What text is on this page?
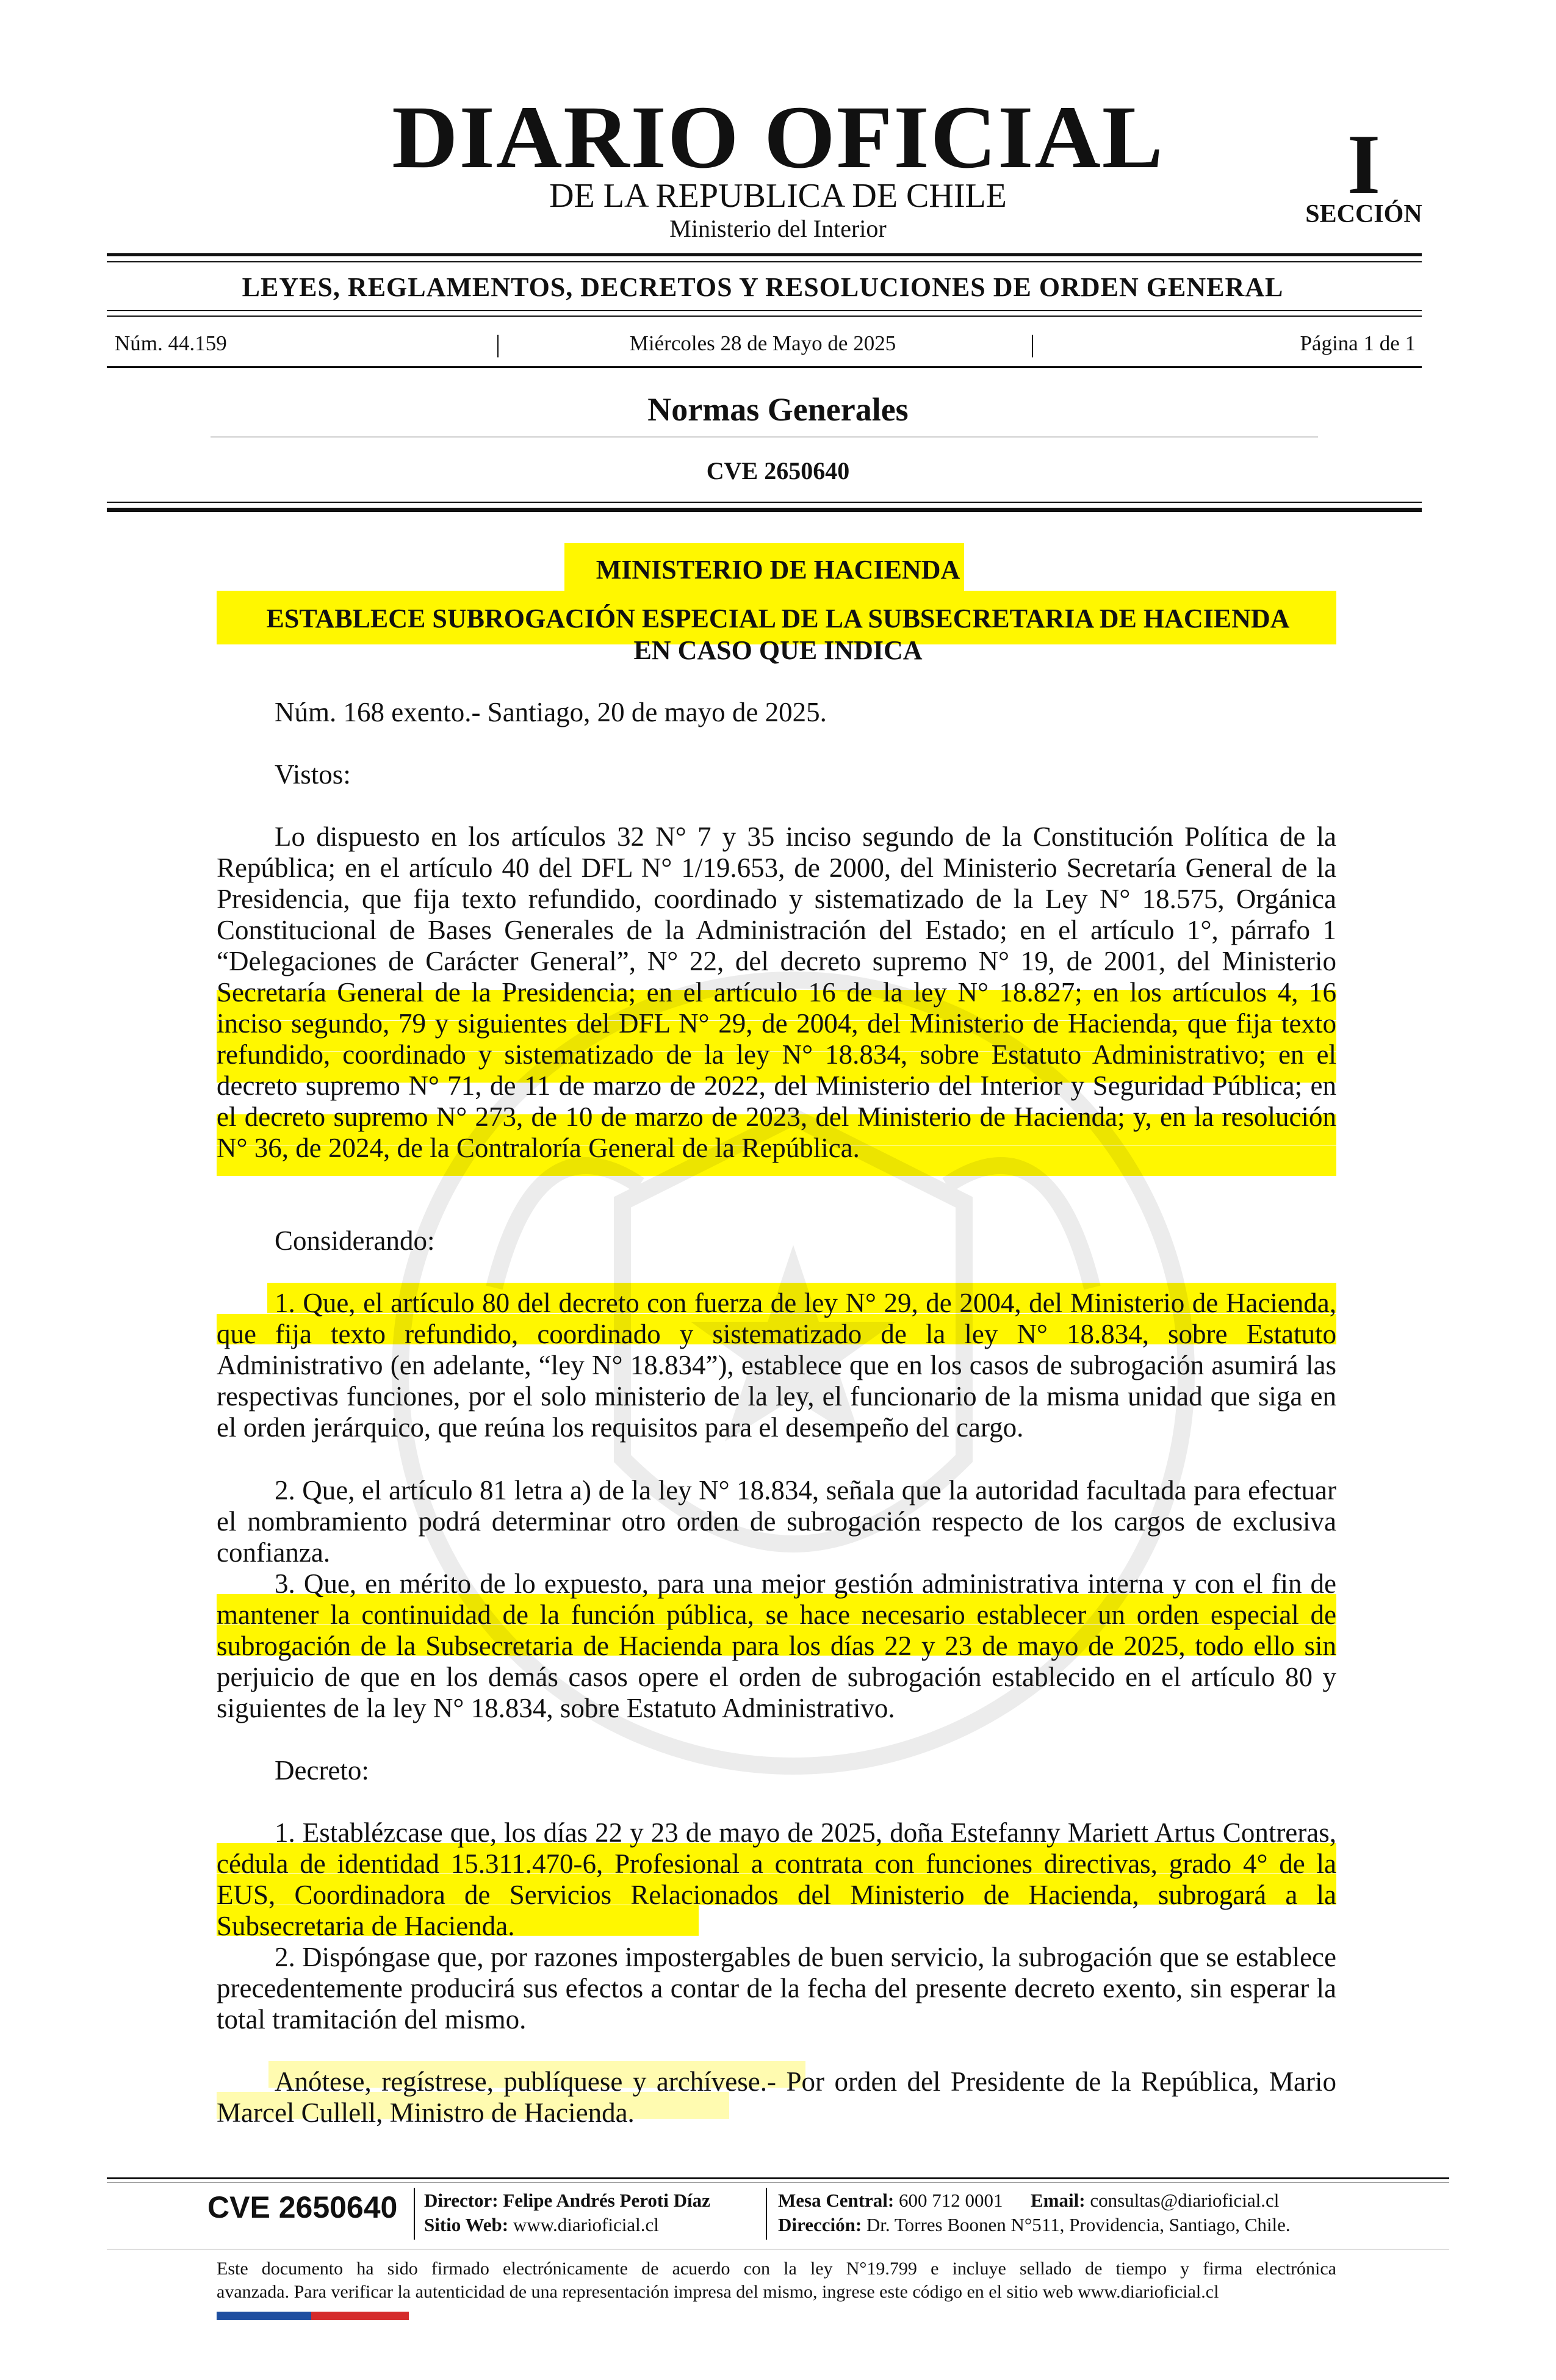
DIARIO OFICIAL
DE LA REPUBLICA DE CHILE
Ministerio del Interior
I
SECCIÓN
LEYES, REGLAMENTOS, DECRETOS Y RESOLUCIONES DE ORDEN GENERAL
Núm. 44.159	|	Miércoles 28 de Mayo de 2025	|	Página 1 de 1
Normas Generales
CVE 2650640
MINISTERIO DE HACIENDA
ESTABLECE SUBROGACIÓN ESPECIAL DE LA SUBSECRETARIA DE HACIENDA
EN CASO QUE INDICA
Núm. 168 exento.- Santiago, 20 de mayo de 2025.
Vistos:
Lo dispuesto en los artículos 32 N° 7 y 35 inciso segundo de la Constitución Política de la República; en el artículo 40 del DFL N° 1/19.653, de 2000, del Ministerio Secretaría General de la Presidencia, que fija texto refundido, coordinado y sistematizado de la Ley N° 18.575, Orgánica Constitucional de Bases Generales de la Administración del Estado; en el artículo 1°, párrafo 1 “Delegaciones de Carácter General”, N° 22, del decreto supremo N° 19, de 2001, del Ministerio Secretaría General de la Presidencia; en el artículo 16 de la ley N° 18.827; en los artículos 4, 16 inciso segundo, 79 y siguientes del DFL N° 29, de 2004, del Ministerio de Hacienda, que fija texto refundido, coordinado y sistematizado de la ley N° 18.834, sobre Estatuto Administrativo; en el decreto supremo N° 71, de 11 de marzo de 2022, del Ministerio del Interior y Seguridad Pública; en el decreto supremo N° 273, de 10 de marzo de 2023, del Ministerio de Hacienda; y, en la resolución N° 36, de 2024, de la Contraloría General de la República.
Considerando:
1. Que, el artículo 80 del decreto con fuerza de ley N° 29, de 2004, del Ministerio de Hacienda, que fija texto refundido, coordinado y sistematizado de la ley N° 18.834, sobre Estatuto Administrativo (en adelante, “ley N° 18.834”), establece que en los casos de subrogación asumirá las respectivas funciones, por el solo ministerio de la ley, el funcionario de la misma unidad que siga en el orden jerárquico, que reúna los requisitos para el desempeño del cargo.
2. Que, el artículo 81 letra a) de la ley N° 18.834, señala que la autoridad facultada para efectuar el nombramiento podrá determinar otro orden de subrogación respecto de los cargos de exclusiva confianza.
3. Que, en mérito de lo expuesto, para una mejor gestión administrativa interna y con el fin de mantener la continuidad de la función pública, se hace necesario establecer un orden especial de subrogación de la Subsecretaria de Hacienda para los días 22 y 23 de mayo de 2025, todo ello sin perjuicio de que en los demás casos opere el orden de subrogación establecido en el artículo 80 y siguientes de la ley N° 18.834, sobre Estatuto Administrativo.
Decreto:
1. Establézcase que, los días 22 y 23 de mayo de 2025, doña Estefanny Mariett Artus Contreras, cédula de identidad 15.311.470-6, Profesional a contrata con funciones directivas, grado 4° de la EUS, Coordinadora de Servicios Relacionados del Ministerio de Hacienda, subrogará a la Subsecretaria de Hacienda.
2. Dispóngase que, por razones impostergables de buen servicio, la subrogación que se establece precedentemente producirá sus efectos a contar de la fecha del presente decreto exento, sin esperar la total tramitación del mismo.
Anótese, regístrese, publíquese y archívese.- Por orden del Presidente de la República, Mario Marcel Cullell, Ministro de Hacienda.
CVE 2650640 Director: Felipe Andrés Peroti Díaz
Sitio Web: www.diarioficial.cl
Mesa Central: 600 712 0001 Email: consultas@diarioficial.cl
Dirección: Dr. Torres Boonen N°511, Providencia, Santiago, Chile.
Este documento ha sido firmado electrónicamente de acuerdo con la ley N°19.799 e incluye sellado de tiempo y firma electrónica
avanzada. Para verificar la autenticidad de una representación impresa del mismo, ingrese este código en el sitio web www.diarioficial.cl
